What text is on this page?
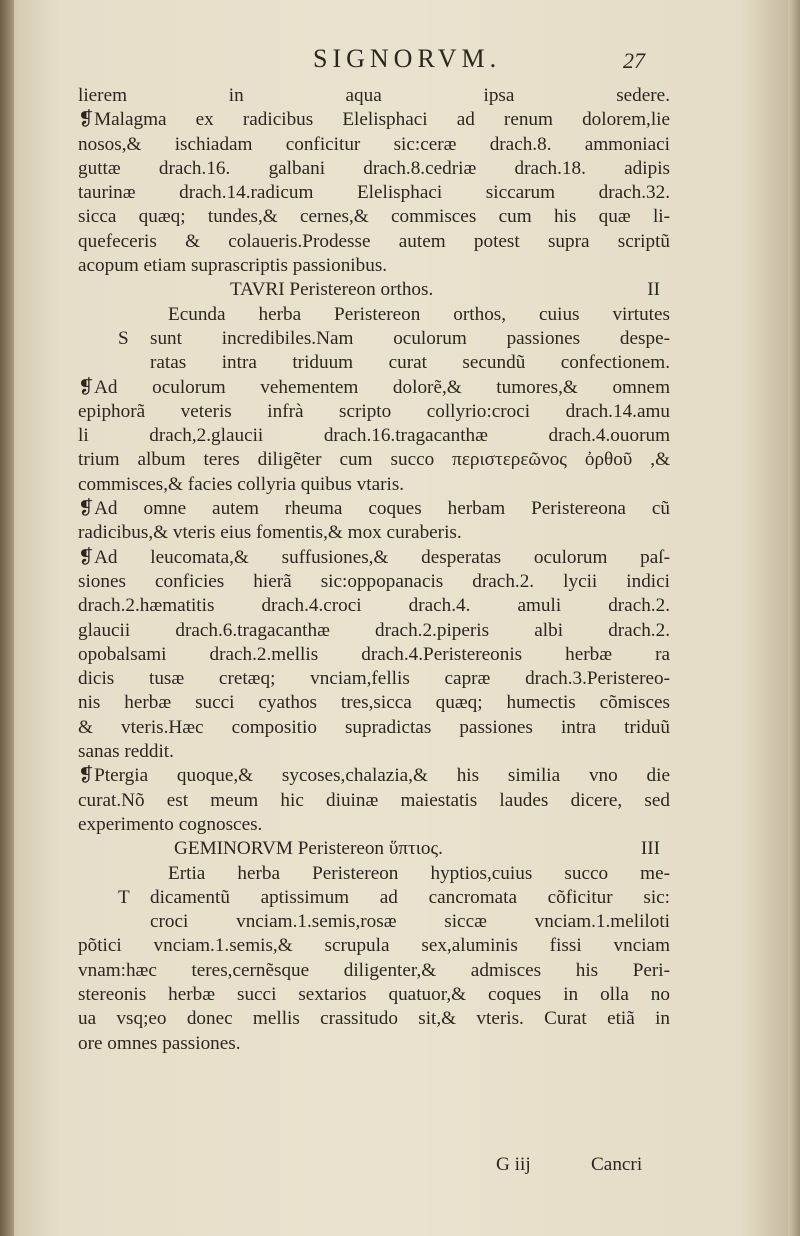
SIGNORVM.	27
lierem in aqua ipsa sedere.
❡Malagma ex radicibus Elelisphaci ad renum dolorem,lie
nosos,& ischiadam conficitur sic:ceræ drach.8. ammoniaci
guttæ drach.16. galbani drach.8.cedriæ drach.18. adipis
taurinæ drach.14.radicum Elelisphaci siccarum drach.32.
sicca quæq; tundes,& cernes,& commisces cum his quæ li-
quefeceris & colaueris.Prodesse autem potest supra scriptũ
acopum etiam suprascriptis passionibus.
TAVRI Peristereon orthos.	II
S
Ecunda herba Peristereon orthos, cuius virtutes
sunt incredibiles.Nam oculorum passiones despe-
ratas intra triduum curat secundũ confectionem.
❡Ad oculorum vehementem dolorẽ,& tumores,& omnem
epiphorã veteris infrà scripto collyrio:croci drach.14.amu
li drach,2.glaucii drach.16.tragacanthæ drach.4.ouorum
trium album teres diligẽter cum succo περιστερεῶνος ὀρθοῦ ,&
commisces,& facies collyria quibus vtaris.
❡Ad omne autem rheuma coques herbam Peristereona cũ
radicibus,& vteris eius fomentis,& mox curaberis.
❡Ad leucomata,& suffusiones,& desperatas oculorum paſ-
siones conficies hierã sic:oppopanacis drach.2. lycii indici
drach.2.hæmatitis drach.4.croci drach.4. amuli drach.2.
glaucii drach.6.tragacanthæ drach.2.piperis albi drach.2.
opobalsami drach.2.mellis drach.4.Peristereonis herbæ ra
dicis tusæ cretæq; vnciam,fellis capræ drach.3.Peristereo-
nis herbæ succi cyathos tres,sicca quæq; humectis cõmisces
& vteris.Hæc compositio supradictas passiones intra triduũ
sanas reddit.
❡Ptergia quoque,& sycoses,chalazia,& his similia vno die
curat.Nõ est meum hic diuinæ maiestatis laudes dicere, sed
experimento cognosces.
GEMINORVM Peristereon ὕπτιος.	III
T
Ertia herba Peristereon hyptios,cuius succo me-
dicamentũ aptissimum ad cancromata cõficitur sic:
croci vnciam.1.semis,rosæ siccæ vnciam.1.meliloti
põtici vnciam.1.semis,& scrupula sex,aluminis fissi vnciam
vnam:hæc teres,cernẽsque diligenter,& admisces his Peri-
stereonis herbæ succi sextarios quatuor,& coques in olla no
ua vsq;eo donec mellis crassitudo sit,& vteris. Curat etiã in
ore omnes passiones.
G iij	Cancri
